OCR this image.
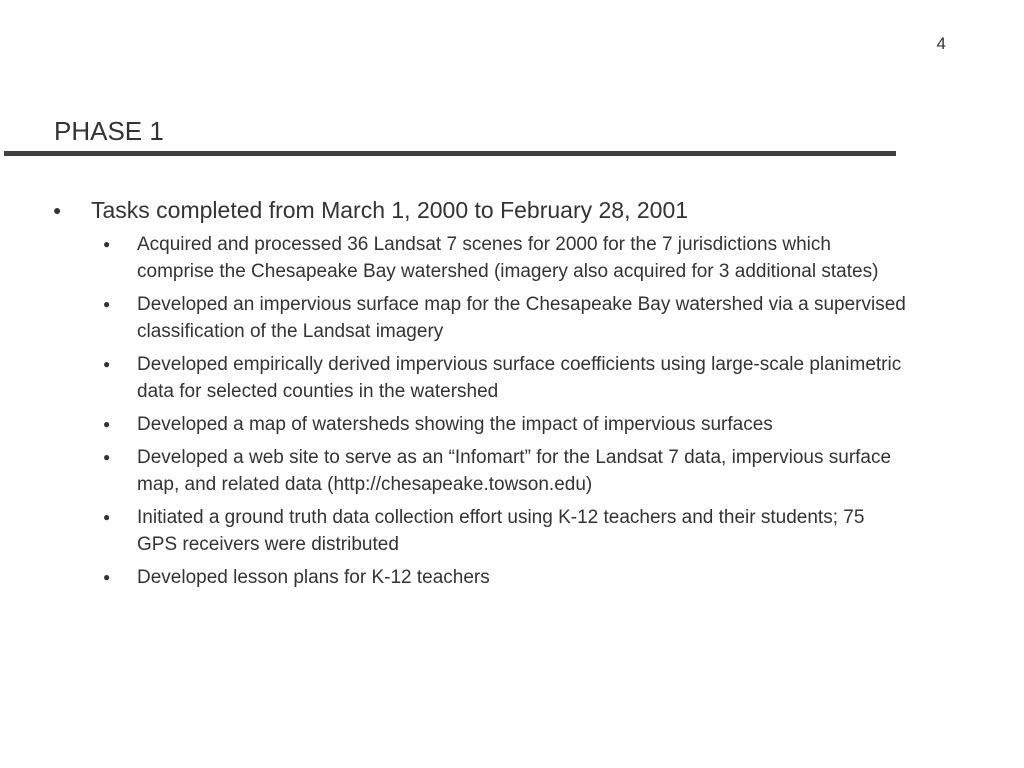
4
PHASE 1
● Tasks completed from March 1, 2000 to February 28, 2001
● Acquired and processed 36 Landsat 7 scenes for 2000 for the 7 jurisdictions which comprise the Chesapeake Bay watershed (imagery also acquired for 3 additional states)
● Developed an impervious surface map for the Chesapeake Bay watershed via a supervised classification of the Landsat imagery
● Developed empirically derived impervious surface coefficients using large-scale planimetric data for selected counties in the watershed
● Developed a map of watersheds showing the impact of impervious surfaces
● Developed a web site to serve as an “Infomart” for the Landsat 7 data, impervious surface map, and related data (http://chesapeake.towson.edu)
● Initiated a ground truth data collection effort using K-12 teachers and their students; 75 GPS receivers were distributed
● Developed lesson plans for K-12 teachers
